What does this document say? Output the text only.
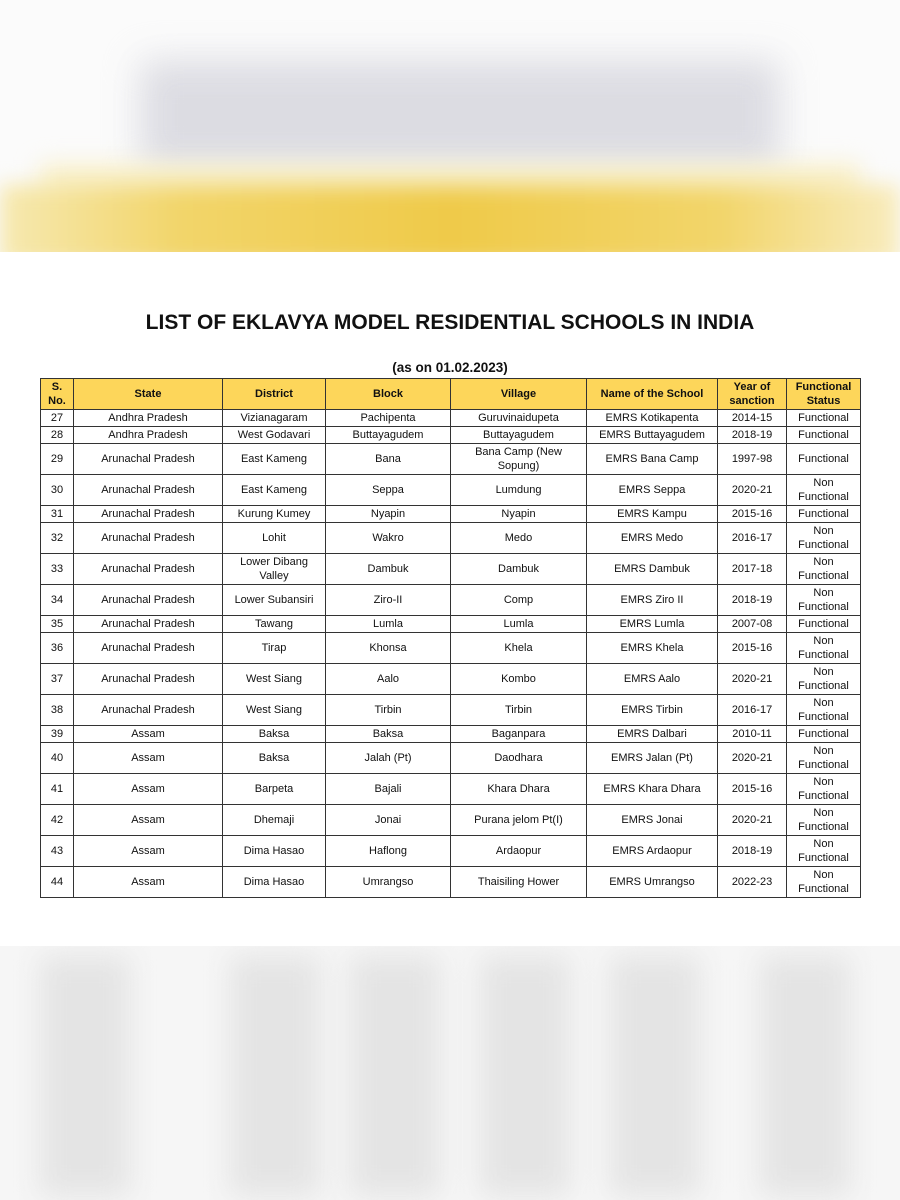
LIST OF EKLAVYA MODEL RESIDENTIAL SCHOOLS IN INDIA
(as on 01.02.2023)
S. No.	State	District	Block	Village	Name of the School	Year of sanction	Functional Status
27	Andhra Pradesh	Vizianagaram	Pachipenta	Guruvinaidupeta	EMRS Kotikapenta	2014-15	Functional
28	Andhra Pradesh	West Godavari	Buttayagudem	Buttayagudem	EMRS Buttayagudem	2018-19	Functional
29	Arunachal Pradesh	East Kameng	Bana	Bana Camp (New Sopung)	EMRS Bana Camp	1997-98	Functional
30	Arunachal Pradesh	East Kameng	Seppa	Lumdung	EMRS Seppa	2020-21	Non Functional
31	Arunachal Pradesh	Kurung Kumey	Nyapin	Nyapin	EMRS Kampu	2015-16	Functional
32	Arunachal Pradesh	Lohit	Wakro	Medo	EMRS Medo	2016-17	Non Functional
33	Arunachal Pradesh	Lower Dibang Valley	Dambuk	Dambuk	EMRS Dambuk	2017-18	Non Functional
34	Arunachal Pradesh	Lower Subansiri	Ziro-II	Comp	EMRS Ziro II	2018-19	Non Functional
35	Arunachal Pradesh	Tawang	Lumla	Lumla	EMRS Lumla	2007-08	Functional
36	Arunachal Pradesh	Tirap	Khonsa	Khela	EMRS Khela	2015-16	Non Functional
37	Arunachal Pradesh	West Siang	Aalo	Kombo	EMRS Aalo	2020-21	Non Functional
38	Arunachal Pradesh	West Siang	Tirbin	Tirbin	EMRS Tirbin	2016-17	Non Functional
39	Assam	Baksa	Baksa	Baganpara	EMRS Dalbari	2010-11	Functional
40	Assam	Baksa	Jalah (Pt)	Daodhara	EMRS Jalan (Pt)	2020-21	Non Functional
41	Assam	Barpeta	Bajali	Khara Dhara	EMRS Khara Dhara	2015-16	Non Functional
42	Assam	Dhemaji	Jonai	Purana jelom Pt(I)	EMRS Jonai	2020-21	Non Functional
43	Assam	Dima Hasao	Haflong	Ardaopur	EMRS Ardaopur	2018-19	Non Functional
44	Assam	Dima Hasao	Umrangso	Thaisiling Hower	EMRS Umrangso	2022-23	Non Functional
